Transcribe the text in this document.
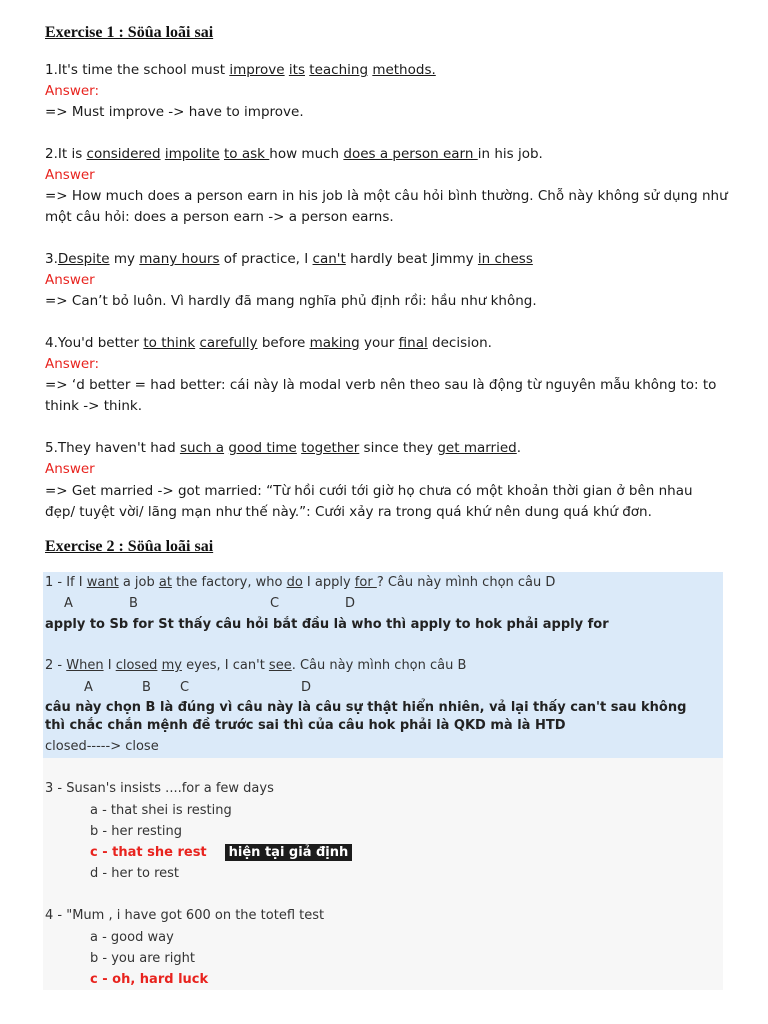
Exercise 1 : Söûa loãi sai
1.It's time the school must improve its teaching methods.
Answer:
=> Must improve -> have to improve.
2.It is considered impolite to ask how much does a person earn in his job.
Answer
=> How much does a person earn in his job là một câu hỏi bình thường. Chỗ này không sử dụng như
một câu hỏi: does a person earn -> a person earns.
3.Despite my many hours of practice, I can't hardly beat Jimmy in chess
Answer
=> Can’t bỏ luôn. Vì hardly đã mang nghĩa phủ định rồi: hầu như không.
4.You'd better to think carefully before making your final decision.
Answer:
=> ‘d better = had better: cái này là modal verb nên theo sau là động từ nguyên mẫu không to: to
think -> think.
5.They haven't had such a good time together since they get married.
Answer
=> Get married -> got married: “Từ hồi cưới tới giờ họ chưa có một khoản thời gian ở bên nhau
đẹp/ tuyệt vời/ lãng mạn như thế này.”: Cưới xảy ra trong quá khứ nên dung quá khứ đơn.
Exercise 2 : Söûa loãi sai
1 - If I want a job at the factory, who do I apply for ? Câu này mình chọn câu D
A	B	C	D
apply to Sb for St thấy câu hỏi bắt đầu là who thì apply to hok phải apply for
2 - When I closed my eyes, I can't see. Câu này mình chọn câu B
A	B C	D
câu này chọn B là đúng vì câu này là câu sự thật hiển nhiên, vả lại thấy can't sau không
thì chắc chắn mệnh đề trước sai thì của câu hok phải là QKD mà là HTD
closed-----> close
3 - Susan's insists ....for a few days
a - that shei is resting
b - her resting
c - that she rest hiện tại giả định
d - her to rest
4 - "Mum , i have got 600 on the totefl test
a - good way
b - you are right
c - oh, hard luck
